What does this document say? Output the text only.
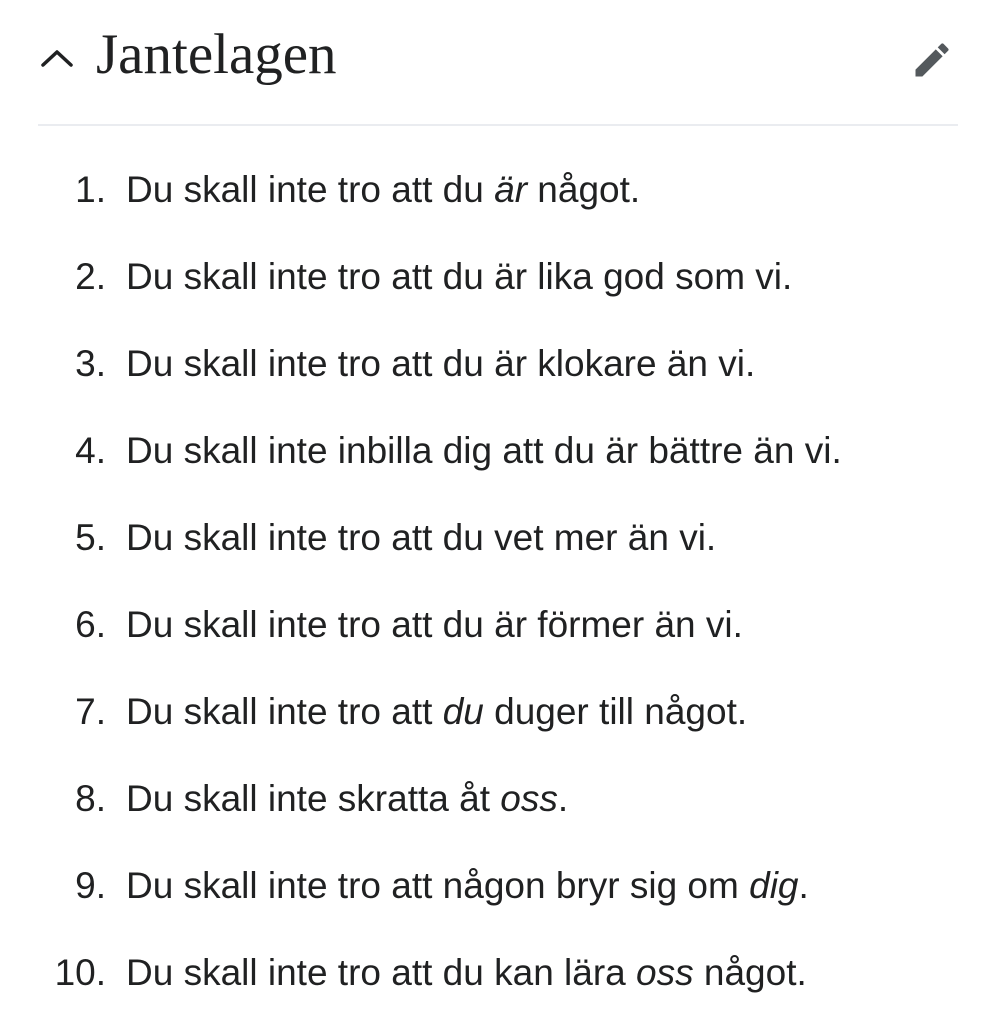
Jantelagen
1. Du skall inte tro att du är något.
2. Du skall inte tro att du är lika god som vi.
3. Du skall inte tro att du är klokare än vi.
4. Du skall inte inbilla dig att du är bättre än vi.
5. Du skall inte tro att du vet mer än vi.
6. Du skall inte tro att du är förmer än vi.
7. Du skall inte tro att du duger till något.
8. Du skall inte skratta åt oss.
9. Du skall inte tro att någon bryr sig om dig.
10. Du skall inte tro att du kan lära oss något.
